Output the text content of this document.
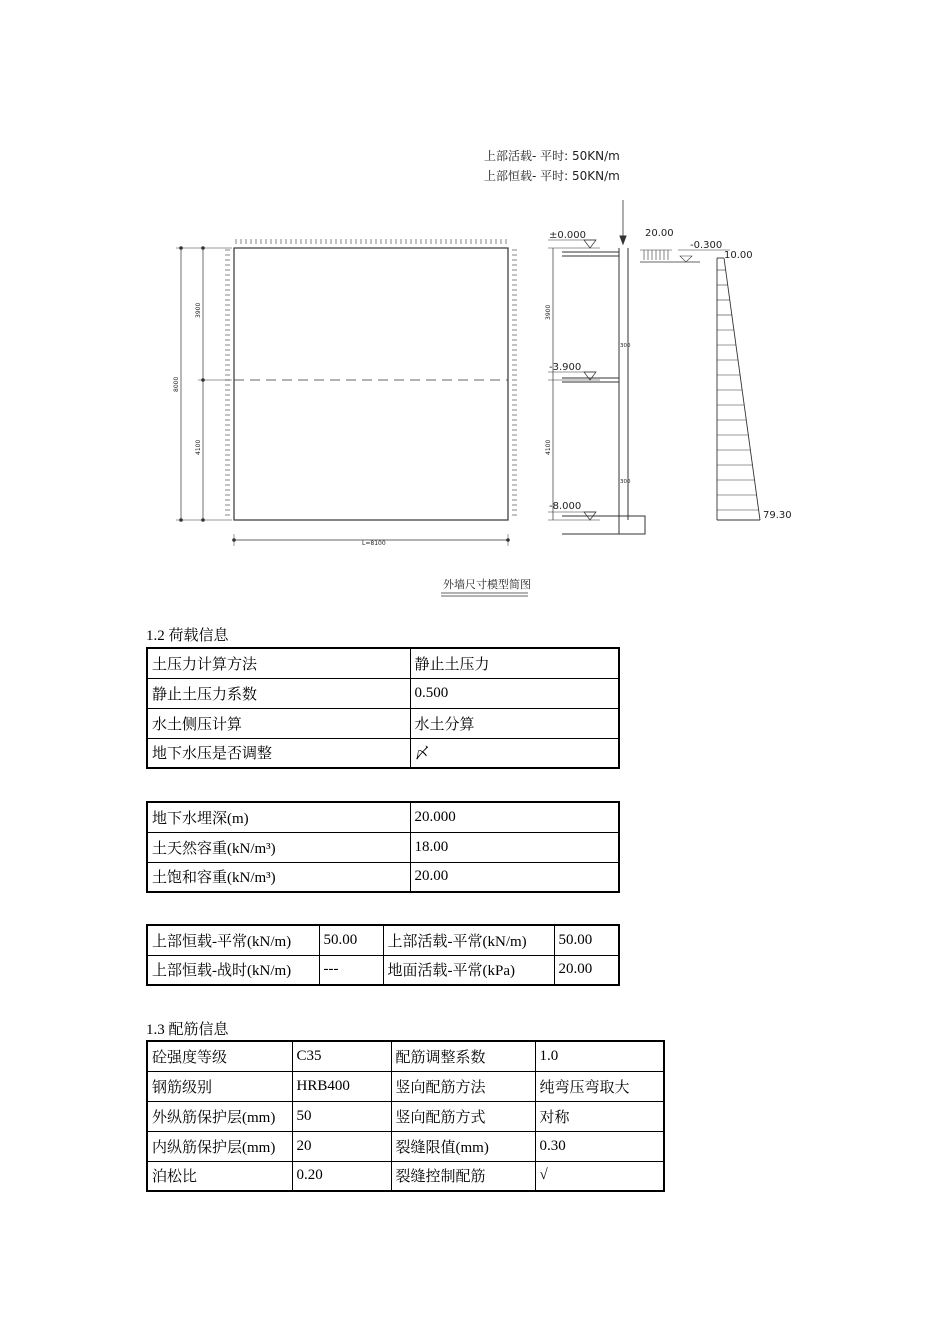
上部活载- 平时: 50KN/m
上部恒载- 平时: 50KN/m
3900
4100
8000
L=8100
±0.000
-3.900
-8.000
3900
4100
300
300
20.00
-0.300
10.00
79.30
外墙尺寸模型简图
1.2 荷载信息
土压力计算方法	静止土压力
静止土压力系数	0.500
水土侧压计算	水土分算
地下水压是否调整	〆
地下水埋深(m)	20.000
土天然容重(kN/m³)	18.00
土饱和容重(kN/m³)	20.00
上部恒载-平常(kN/m)	50.00	上部活载-平常(kN/m)	50.00
上部恒载-战时(kN/m)	---	地面活载-平常(kPa)	20.00
1.3 配筋信息
砼强度等级	C35	配筋调整系数	1.0
钢筋级别	HRB400	竖向配筋方法	纯弯压弯取大
外纵筋保护层(mm)	50	竖向配筋方式	对称
内纵筋保护层(mm)	20	裂缝限值(mm)	0.30
泊松比	0.20	裂缝控制配筋	√
